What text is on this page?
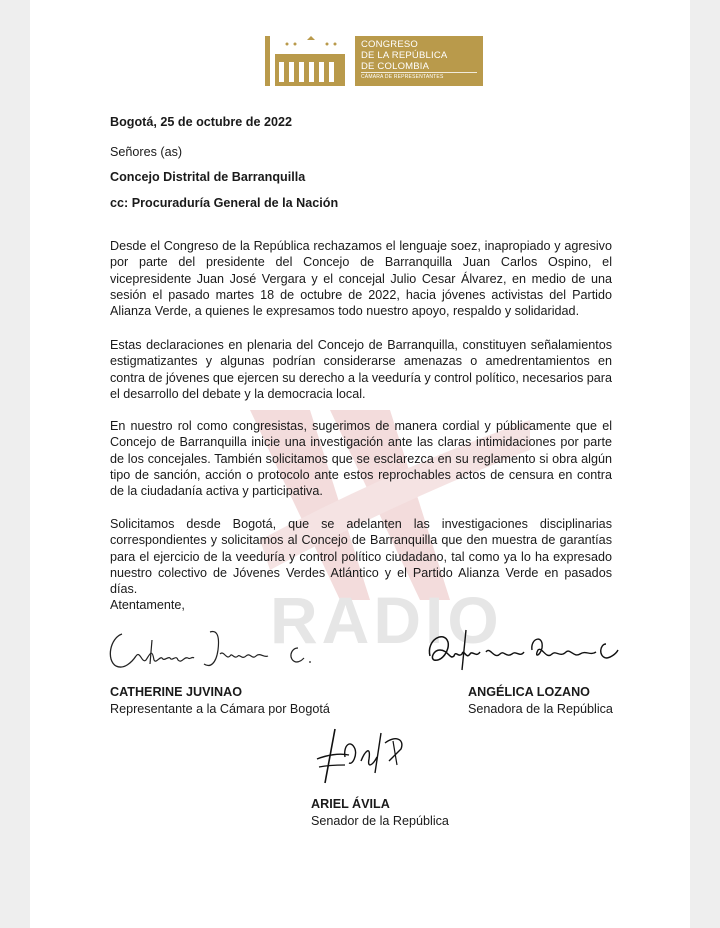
RADIO
CONGRESO
DE LA REPÚBLICA
DE COLOMBIA
CÁMARA DE REPRESENTANTES
Bogotá, 25 de octubre de 2022
Señores (as)
Concejo Distrital de Barranquilla
cc: Procuraduría General de la Nación
Desde el Congreso de la República rechazamos el lenguaje soez, inapropiado y agresivo por parte del presidente del Concejo de Barranquilla Juan Carlos Ospino, el vicepresidente Juan José Vergara y el concejal Julio Cesar Álvarez, en medio de una sesión el pasado martes 18 de octubre de 2022, hacia jóvenes activistas del Partido Alianza Verde, a quienes le expresamos todo nuestro apoyo, respaldo y solidaridad.
Estas declaraciones en plenaria del Concejo de Barranquilla, constituyen señalamientos estigmatizantes y algunas podrían considerarse amenazas o amedrentamientos en contra de jóvenes que ejercen su derecho a la veeduría y control político, necesarios para el desarrollo del debate y la democracia local.
En nuestro rol como congresistas, sugerimos de manera cordial y públicamente que el Concejo de Barranquilla inicie una investigación ante las claras intimidaciones por parte de los concejales. También solicitamos que se esclarezca en su reglamento si obra algún tipo de sanción, acción o protocolo ante estos reprochables actos de censura en contra de la ciudadanía activa y participativa.
Solicitamos desde Bogotá, que se adelanten las investigaciones disciplinarias correspondientes y solicitamos al Concejo de Barranquilla que den muestra de garantías para el ejercicio de la veeduría y control político ciudadano, tal como ya lo ha expresado nuestro colectivo de Jóvenes Verdes Atlántico y el Partido Alianza Verde en pasados días.
Atentamente,
CATHERINE JUVINAO
Representante a la Cámara por Bogotá
ANGÉLICA LOZANO
Senadora de la República
ARIEL ÁVILA
Senador de la República
